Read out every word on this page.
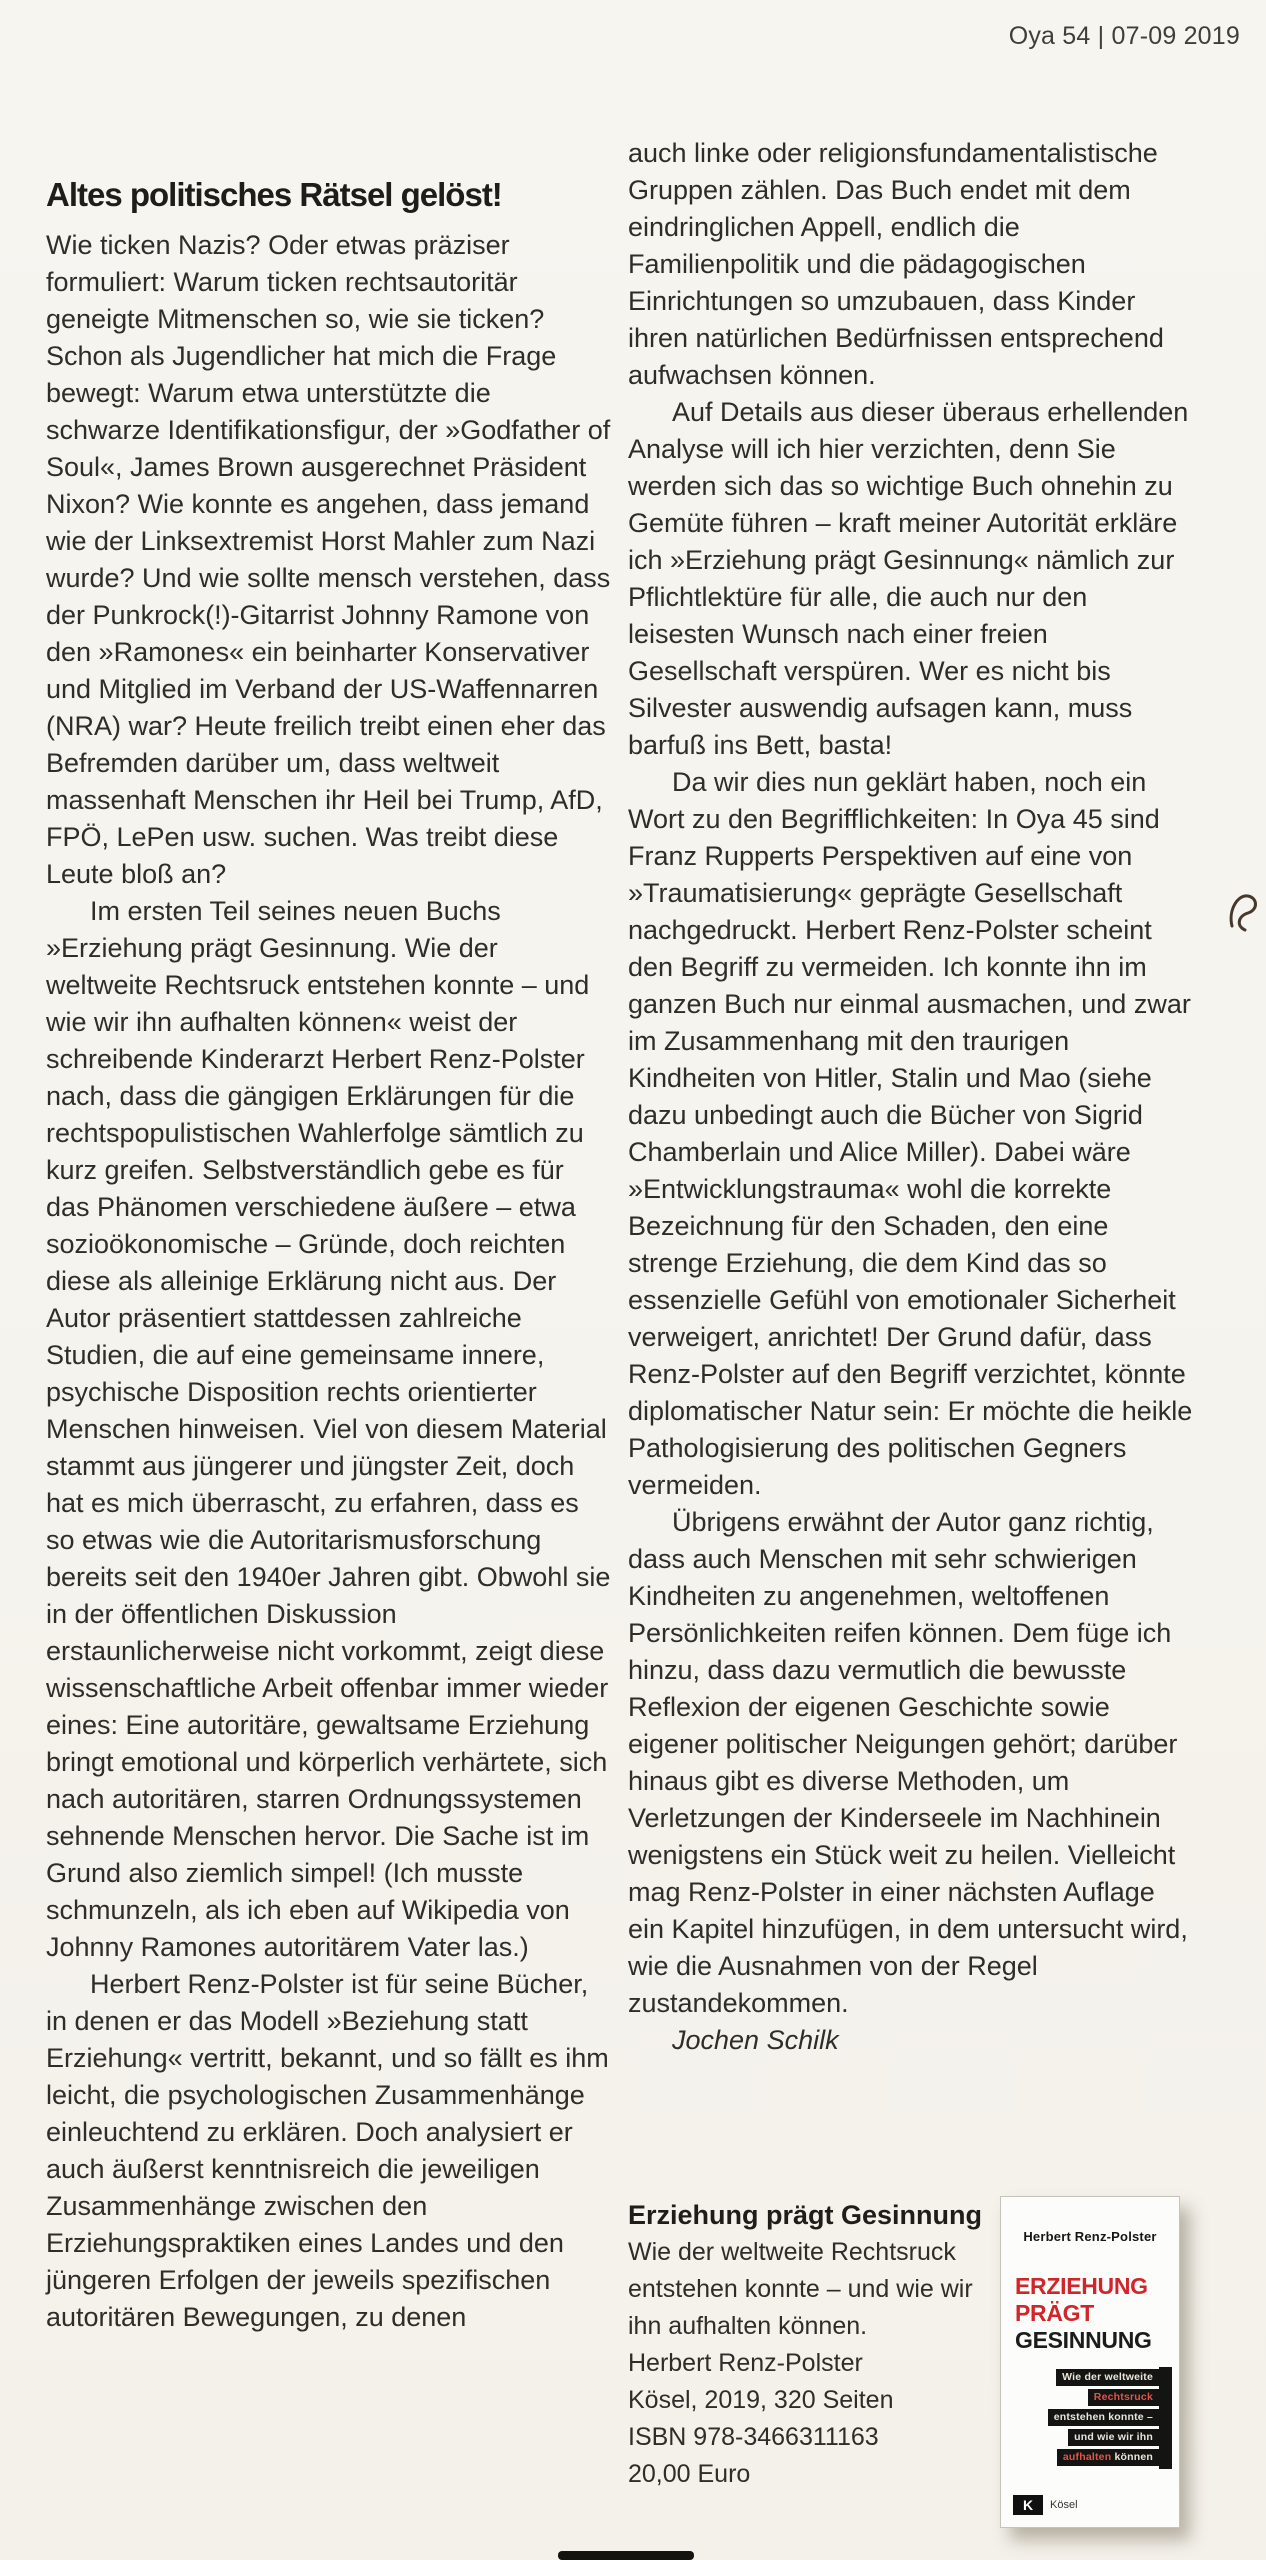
Oya 54 | 07-09 2019
Altes politisches Rätsel gelöst!

Wie ticken Nazis? Oder etwas präziser formuliert: Warum ticken rechtsautoritär geneigte Mitmenschen so, wie sie ticken? Schon als Jugendlicher hat mich die Frage bewegt: Warum etwa unterstützte die schwarze Identifikationsfigur, der »Godfather of Soul«, James Brown ausgerechnet Präsident Nixon? Wie konnte es angehen, dass jemand wie der Linksextremist Horst Mahler zum Nazi wurde? Und wie sollte mensch verstehen, dass der Punkrock(!)-Gitarrist Johnny Ramone von den »Ramones« ein beinharter Konservativer und Mitglied im Verband der US-Waffennarren (NRA) war? Heute freilich treibt einen eher das Befremden darüber um, dass weltweit massenhaft Menschen ihr Heil bei Trump, AfD, FPÖ, LePen usw. suchen. Was treibt diese Leute bloß an?

Im ersten Teil seines neuen Buchs »Erziehung prägt Gesinnung. Wie der weltweite Rechtsruck entstehen konnte – und wie wir ihn aufhalten können« weist der schreibende Kinderarzt Herbert Renz-Polster nach, dass die gängigen Erklärungen für die rechtspopulistischen Wahlerfolge sämtlich zu kurz greifen. Selbstverständlich gebe es für das Phänomen verschiedene äußere – etwa sozioökonomische – Gründe, doch reichten diese als alleinige Erklärung nicht aus. Der Autor präsentiert stattdessen zahlreiche Studien, die auf eine gemeinsame innere, psychische Disposition rechts orientierter Menschen hinweisen. Viel von diesem Material stammt aus jüngerer und jüngster Zeit, doch hat es mich überrascht, zu erfahren, dass es so etwas wie die Autoritarismusforschung bereits seit den 1940er Jahren gibt. Obwohl sie in der öffentlichen Diskussion erstaunlicherweise nicht vorkommt, zeigt diese wissenschaftliche Arbeit offenbar immer wieder eines: Eine autoritäre, gewaltsame Erziehung bringt emotional und körperlich verhärtete, sich nach autoritären, starren Ordnungssystemen sehnende Menschen hervor. Die Sache ist im Grund also ziemlich simpel! (Ich musste schmunzeln, als ich eben auf Wikipedia von Johnny Ramones autoritärem Vater las.)

Herbert Renz-Polster ist für seine Bücher, in denen er das Modell »Beziehung statt Erziehung« vertritt, bekannt, und so fällt es ihm leicht, die psychologischen Zusammenhänge einleuchtend zu erklären. Doch analysiert er auch äußerst kenntnisreich die jeweiligen Zusammenhänge zwischen den Erziehungspraktiken eines Landes und den jüngeren Erfolgen der jeweils spezifischen autoritären Bewegungen, zu denen

auch linke oder religionsfundamentalistische Gruppen zählen. Das Buch endet mit dem eindringlichen Appell, endlich die Familienpolitik und die pädagogischen Einrichtungen so umzubauen, dass Kinder ihren natürlichen Bedürfnissen entsprechend aufwachsen können.

Auf Details aus dieser überaus erhellenden Analyse will ich hier verzichten, denn Sie werden sich das so wichtige Buch ohnehin zu Gemüte führen – kraft meiner Autorität erkläre ich »Erziehung prägt Gesinnung« nämlich zur Pflichtlektüre für alle, die auch nur den leisesten Wunsch nach einer freien Gesellschaft verspüren. Wer es nicht bis Silvester auswendig aufsagen kann, muss barfuß ins Bett, basta!

Da wir dies nun geklärt haben, noch ein Wort zu den Begrifflichkeiten: In Oya 45 sind Franz Rupperts Perspektiven auf eine von »Traumatisierung« geprägte Gesellschaft nachgedruckt. Herbert Renz-Polster scheint den Begriff zu vermeiden. Ich konnte ihn im ganzen Buch nur einmal ausmachen, und zwar im Zusammenhang mit den traurigen Kindheiten von Hitler, Stalin und Mao (siehe dazu unbedingt auch die Bücher von Sigrid Chamberlain und Alice Miller). Dabei wäre »Entwicklungstrauma« wohl die korrekte Bezeichnung für den Schaden, den eine strenge Erziehung, die dem Kind das so essenzielle Gefühl von emotionaler Sicherheit verweigert, anrichtet! Der Grund dafür, dass Renz-Polster auf den Begriff verzichtet, könnte diplomatischer Natur sein: Er möchte die heikle Pathologisierung des politischen Gegners vermeiden.

Übrigens erwähnt der Autor ganz richtig, dass auch Menschen mit sehr schwierigen Kindheiten zu angenehmen, weltoffenen Persönlichkeiten reifen können. Dem füge ich hinzu, dass dazu vermutlich die bewusste Reflexion der eigenen Geschichte sowie eigener politischer Neigungen gehört; darüber hinaus gibt es diverse Methoden, um Verletzungen der Kinderseele im Nachhinein wenigstens ein Stück weit zu heilen. Vielleicht mag Renz-Polster in einer nächsten Auflage ein Kapitel hinzufügen, in dem untersucht wird, wie die Ausnahmen von der Regel zustandekommen.

Jochen Schilk
Erziehung prägt Gesinnung
Wie der weltweite Rechtsruck
entstehen konnte – und wie wir
ihn aufhalten können.
Herbert Renz-Polster
Kösel, 2019, 320 Seiten
ISBN 978-3466311163
20,00 Euro
Herbert Renz-Polster
ERZIEHUNG
PRÄGT
GESINNUNG
Wie der weltweite
Rechtsruck
entstehen konnte –
und wie wir ihn
aufhalten können
K	Kösel
